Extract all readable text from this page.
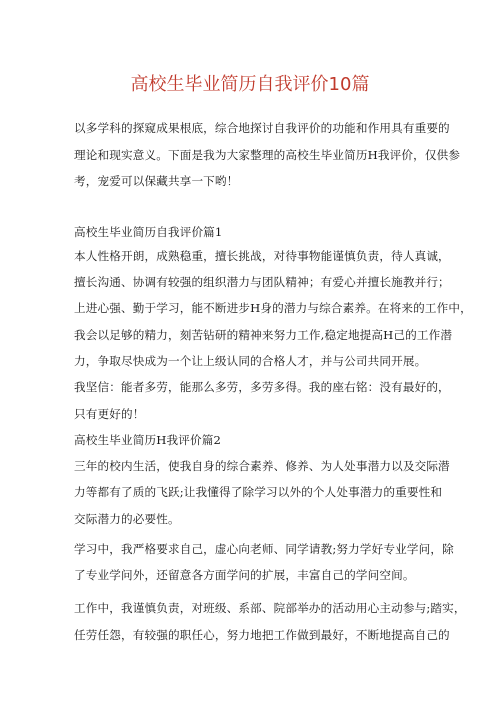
高校生毕业简历自我评价10篇
以多学科的探窥成果根底，综合地探讨自我评价的功能和作用具有重要的
理论和现实意义。下面是我为大家整理的高校生毕业简历H我评价，仅供参
考，宠爱可以保藏共享一下哟！
高校生毕业简历自我评价篇1
本人性格开朗，成熟稳重，擅长挑战，对待事物能谨慎负责，待人真诚，
擅长沟通、协调有较强的组织潜力与团队精神；有爱心并擅长施教并行；
上进心强、勤于学习，能不断进步H身的潜力与综合素养。在将来的工作中，
我会以足够的精力，刻苦钻研的精神来努力工作,稳定地提高H己的工作潜
力，争取尽快成为一个让上级认同的合格人才，并与公司共同开展。
我坚信：能者多劳，能那么多劳，多劳多得。我的座右铭：没有最好的，
只有更好的！
高校生毕业简历H我评价篇2
三年的校内生活，使我自身的综合素养、修养、为人处事潜力以及交际潜
力等都有了质的飞跃;让我懂得了除学习以外的个人处事潜力的重要性和
交际潜力的必要性。
学习中，我严格要求自己，虚心向老师、同学请教;努力学好专业学问，除
了专业学问外，还留意各方面学问的扩展，丰富自己的学问空间。
工作中，我谨慎负责，对班级、系部、院部举办的活动用心主动参与;踏实，
任劳任怨，有较强的职任心，努力地把工作做到最好，不断地提高自己的
